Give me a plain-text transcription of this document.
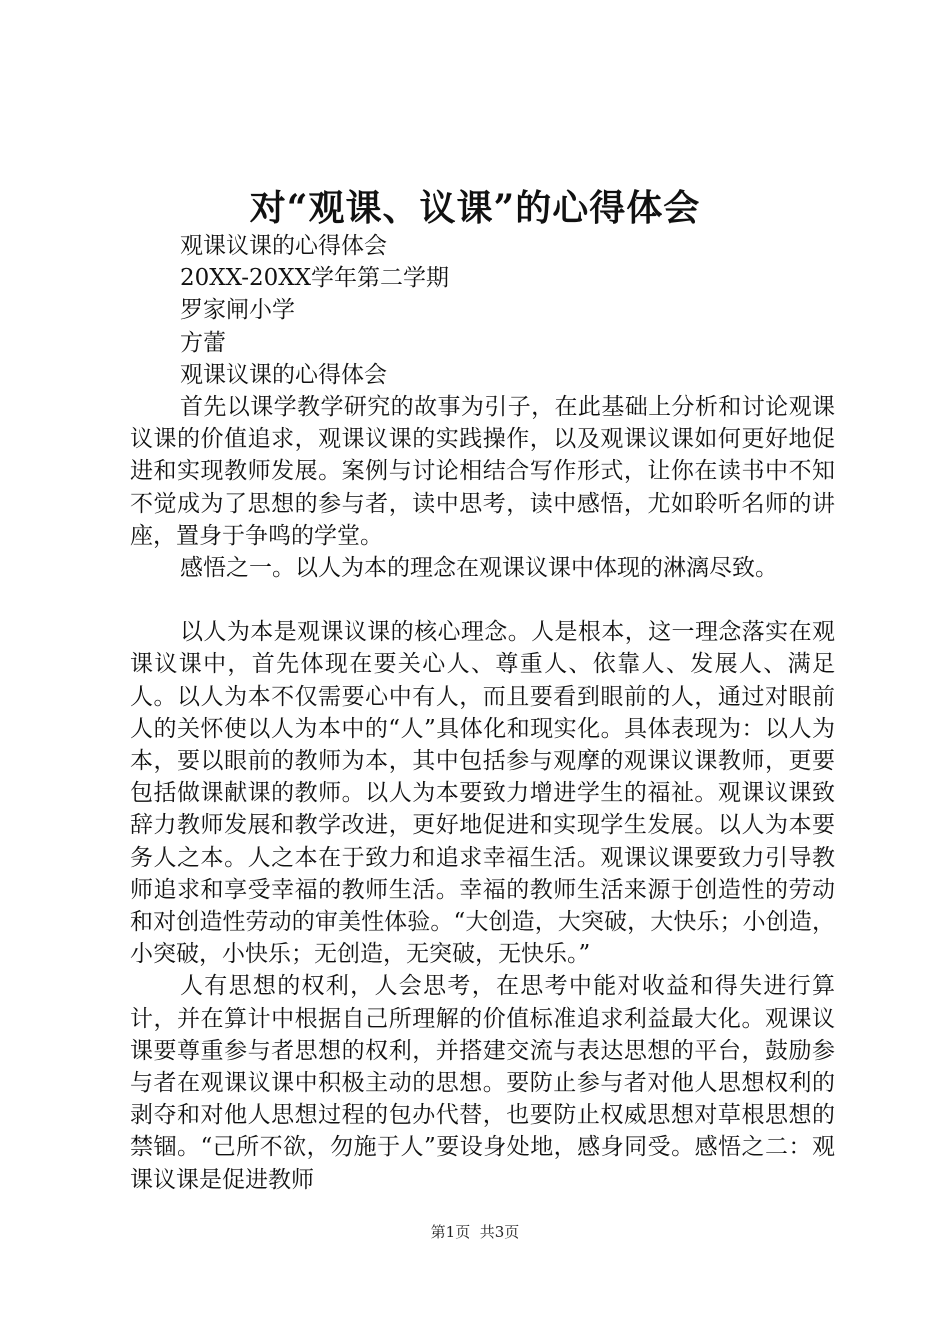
对“观课、议课”的心得体会

观课议课的心得体会

20XX-20XX学年第二学期

罗家闸小学

方蕾

观课议课的心得体会

首先以课学教学研究的故事为引子，在此基础上分析和讨论观课议课的价值追求，观课议课的实践操作，以及观课议课如何更好地促进和实现教师发展。案例与讨论相结合写作形式，让你在读书中不知不觉成为了思想的参与者，读中思考，读中感悟，尤如聆听名师的讲座，置身于争鸣的学堂。

感悟之一。以人为本的理念在观课议课中体现的淋漓尽致。

以人为本是观课议课的核心理念。人是根本，这一理念落实在观课议课中，首先体现在要关心人、尊重人、依靠人、发展人、满足人。以人为本不仅需要心中有人，而且要看到眼前的人，通过对眼前人的关怀使以人为本中的“人”具体化和现实化。具体表现为：以人为本，要以眼前的教师为本，其中包括参与观摩的观课议课教师，更要包括做课献课的教师。以人为本要致力增进学生的福祉。观课议课致辞力教师发展和教学改进，更好地促进和实现学生发展。以人为本要务人之本。人之本在于致力和追求幸福生活。观课议课要致力引导教师追求和享受幸福的教师生活。幸福的教师生活来源于创造性的劳动和对创造性劳动的审美性体验。“大创造，大突破，大快乐；小创造，小突破，小快乐；无创造，无突破，无快乐。”

人有思想的权利，人会思考，在思考中能对收益和得失进行算计，并在算计中根据自己所理解的价值标准追求利益最大化。观课议课要尊重参与者思想的权利，并搭建交流与表达思想的平台，鼓励参与者在观课议课中积极主动的思想。要防止参与者对他人思想权利的剥夺和对他人思想过程的包办代替，也要防止权威思想对草根思想的禁锢。“己所不欲，勿施于人”要设身处地，感身同受。感悟之二：观课议课是促进教师

第1页 共3页
